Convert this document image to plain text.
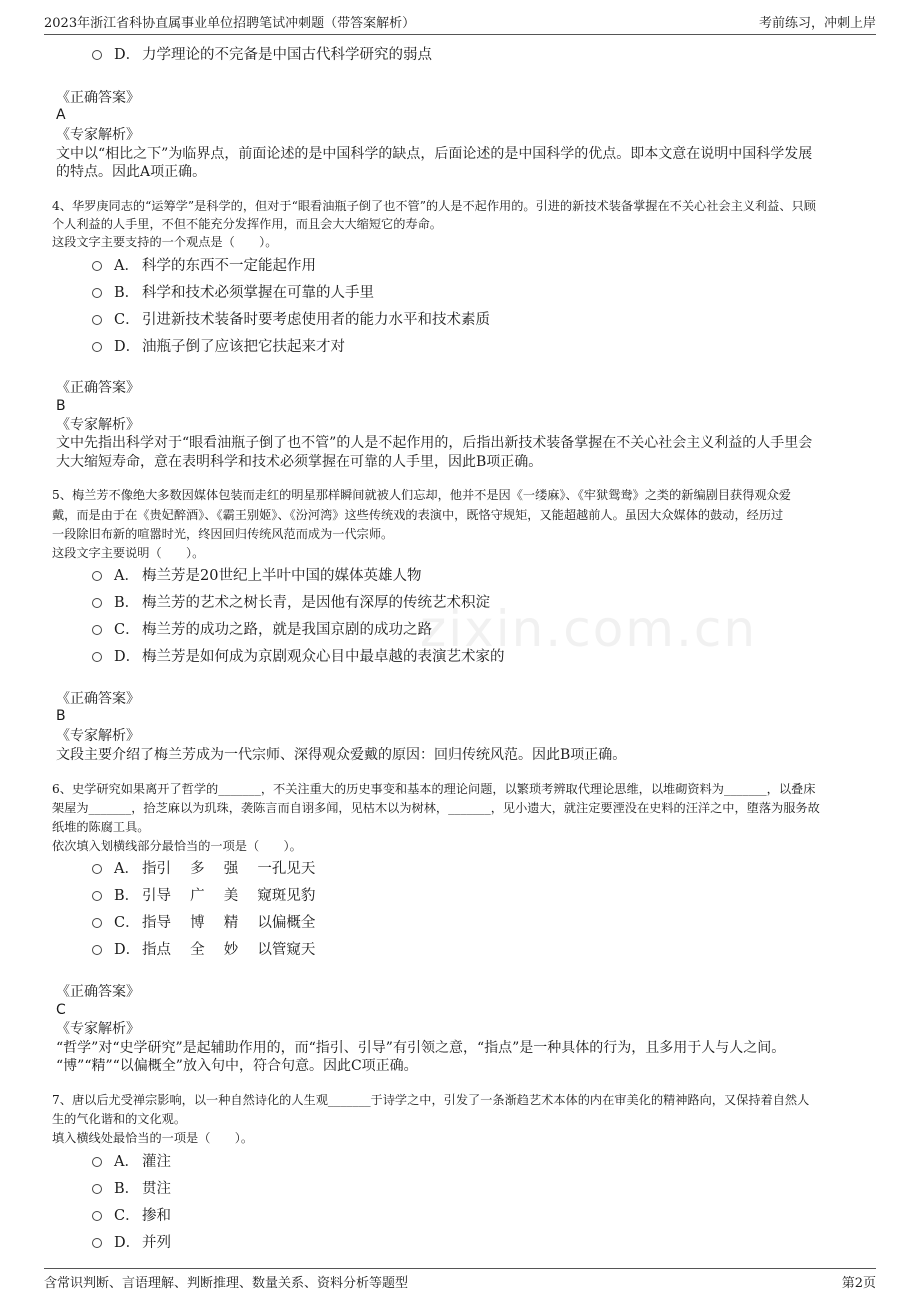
2023年浙江省科协直属事业单位招聘笔试冲刺题（带答案解析）	考前练习，冲刺上岸
zixin.com.cn
D． 力学理论的不完备是中国古代科学研究的弱点
《正确答案》
A
《专家解析》
文中以“相比之下”为临界点，前面论述的是中国科学的缺点，后面论述的是中国科学的优点。即本文意在说明中国科学发展
的特点。因此A项正确。
4、华罗庚同志的“运筹学”是科学的，但对于“眼看油瓶子倒了也不管”的人是不起作用的。引进的新技术装备掌握在不关心社会主义利益、只顾
个人利益的人手里，不但不能充分发挥作用，而且会大大缩短它的寿命。
这段文字主要支持的一个观点是（　　）。
A． 科学的东西不一定能起作用
B． 科学和技术必须掌握在可靠的人手里
C． 引进新技术装备时要考虑使用者的能力水平和技术素质
D． 油瓶子倒了应该把它扶起来才对
《正确答案》
B
《专家解析》
文中先指出科学对于“眼看油瓶子倒了也不管”的人是不起作用的，后指出新技术装备掌握在不关心社会主义利益的人手里会
大大缩短寿命，意在表明科学和技术必须掌握在可靠的人手里，因此B项正确。
5、梅兰芳不像绝大多数因媒体包装而走红的明星那样瞬间就被人们忘却，他并不是因《一缕麻》、《牢狱鸳鸯》之类的新编剧目获得观众爱
戴，而是由于在《贵妃醉酒》、《霸王别姬》、《汾河湾》这些传统戏的表演中，既恪守规矩，又能超越前人。虽因大众媒体的鼓动，经历过
一段除旧布新的喧嚣时光，终因回归传统风范而成为一代宗师。
这段文字主要说明（　　）。
A． 梅兰芳是20世纪上半叶中国的媒体英雄人物
B． 梅兰芳的艺术之树长青，是因他有深厚的传统艺术积淀
C． 梅兰芳的成功之路，就是我国京剧的成功之路
D． 梅兰芳是如何成为京剧观众心目中最卓越的表演艺术家的
《正确答案》
B
《专家解析》
文段主要介绍了梅兰芳成为一代宗师、深得观众爱戴的原因：回归传统风范。因此B项正确。
6、史学研究如果离开了哲学的_______，不关注重大的历史事变和基本的理论问题，以繁琐考辨取代理论思维，以堆砌资料为_______，以叠床
架屋为_______，拾芝麻以为玑珠，袭陈言而自诩多闻，见枯木以为树林，_______，见小遗大，就注定要湮没在史料的汪洋之中，堕落为服务故
纸堆的陈腐工具。
依次填入划横线部分最恰当的一项是（　　）。
A． 指引　 多　 强　 一孔见天
B． 引导　 广　 美　 窥斑见豹
C． 指导　 博　 精　 以偏概全
D． 指点　 全　 妙　 以管窥天
《正确答案》
C
《专家解析》
“哲学”对“史学研究”是起辅助作用的，而“指引、引导”有引领之意，“指点”是一种具体的行为，且多用于人与人之间。
“博”“精”“以偏概全”放入句中，符合句意。因此C项正确。
7、唐以后尤受禅宗影响，以一种自然诗化的人生观_______于诗学之中，引发了一条渐趋艺术本体的内在审美化的精神路向，又保持着自然人
生的气化谐和的文化观。
填入横线处最恰当的一项是（　　）。
A． 灌注
B． 贯注
C． 掺和
D． 并列
含常识判断、言语理解、判断推理、数量关系、资料分析等题型	第2页
